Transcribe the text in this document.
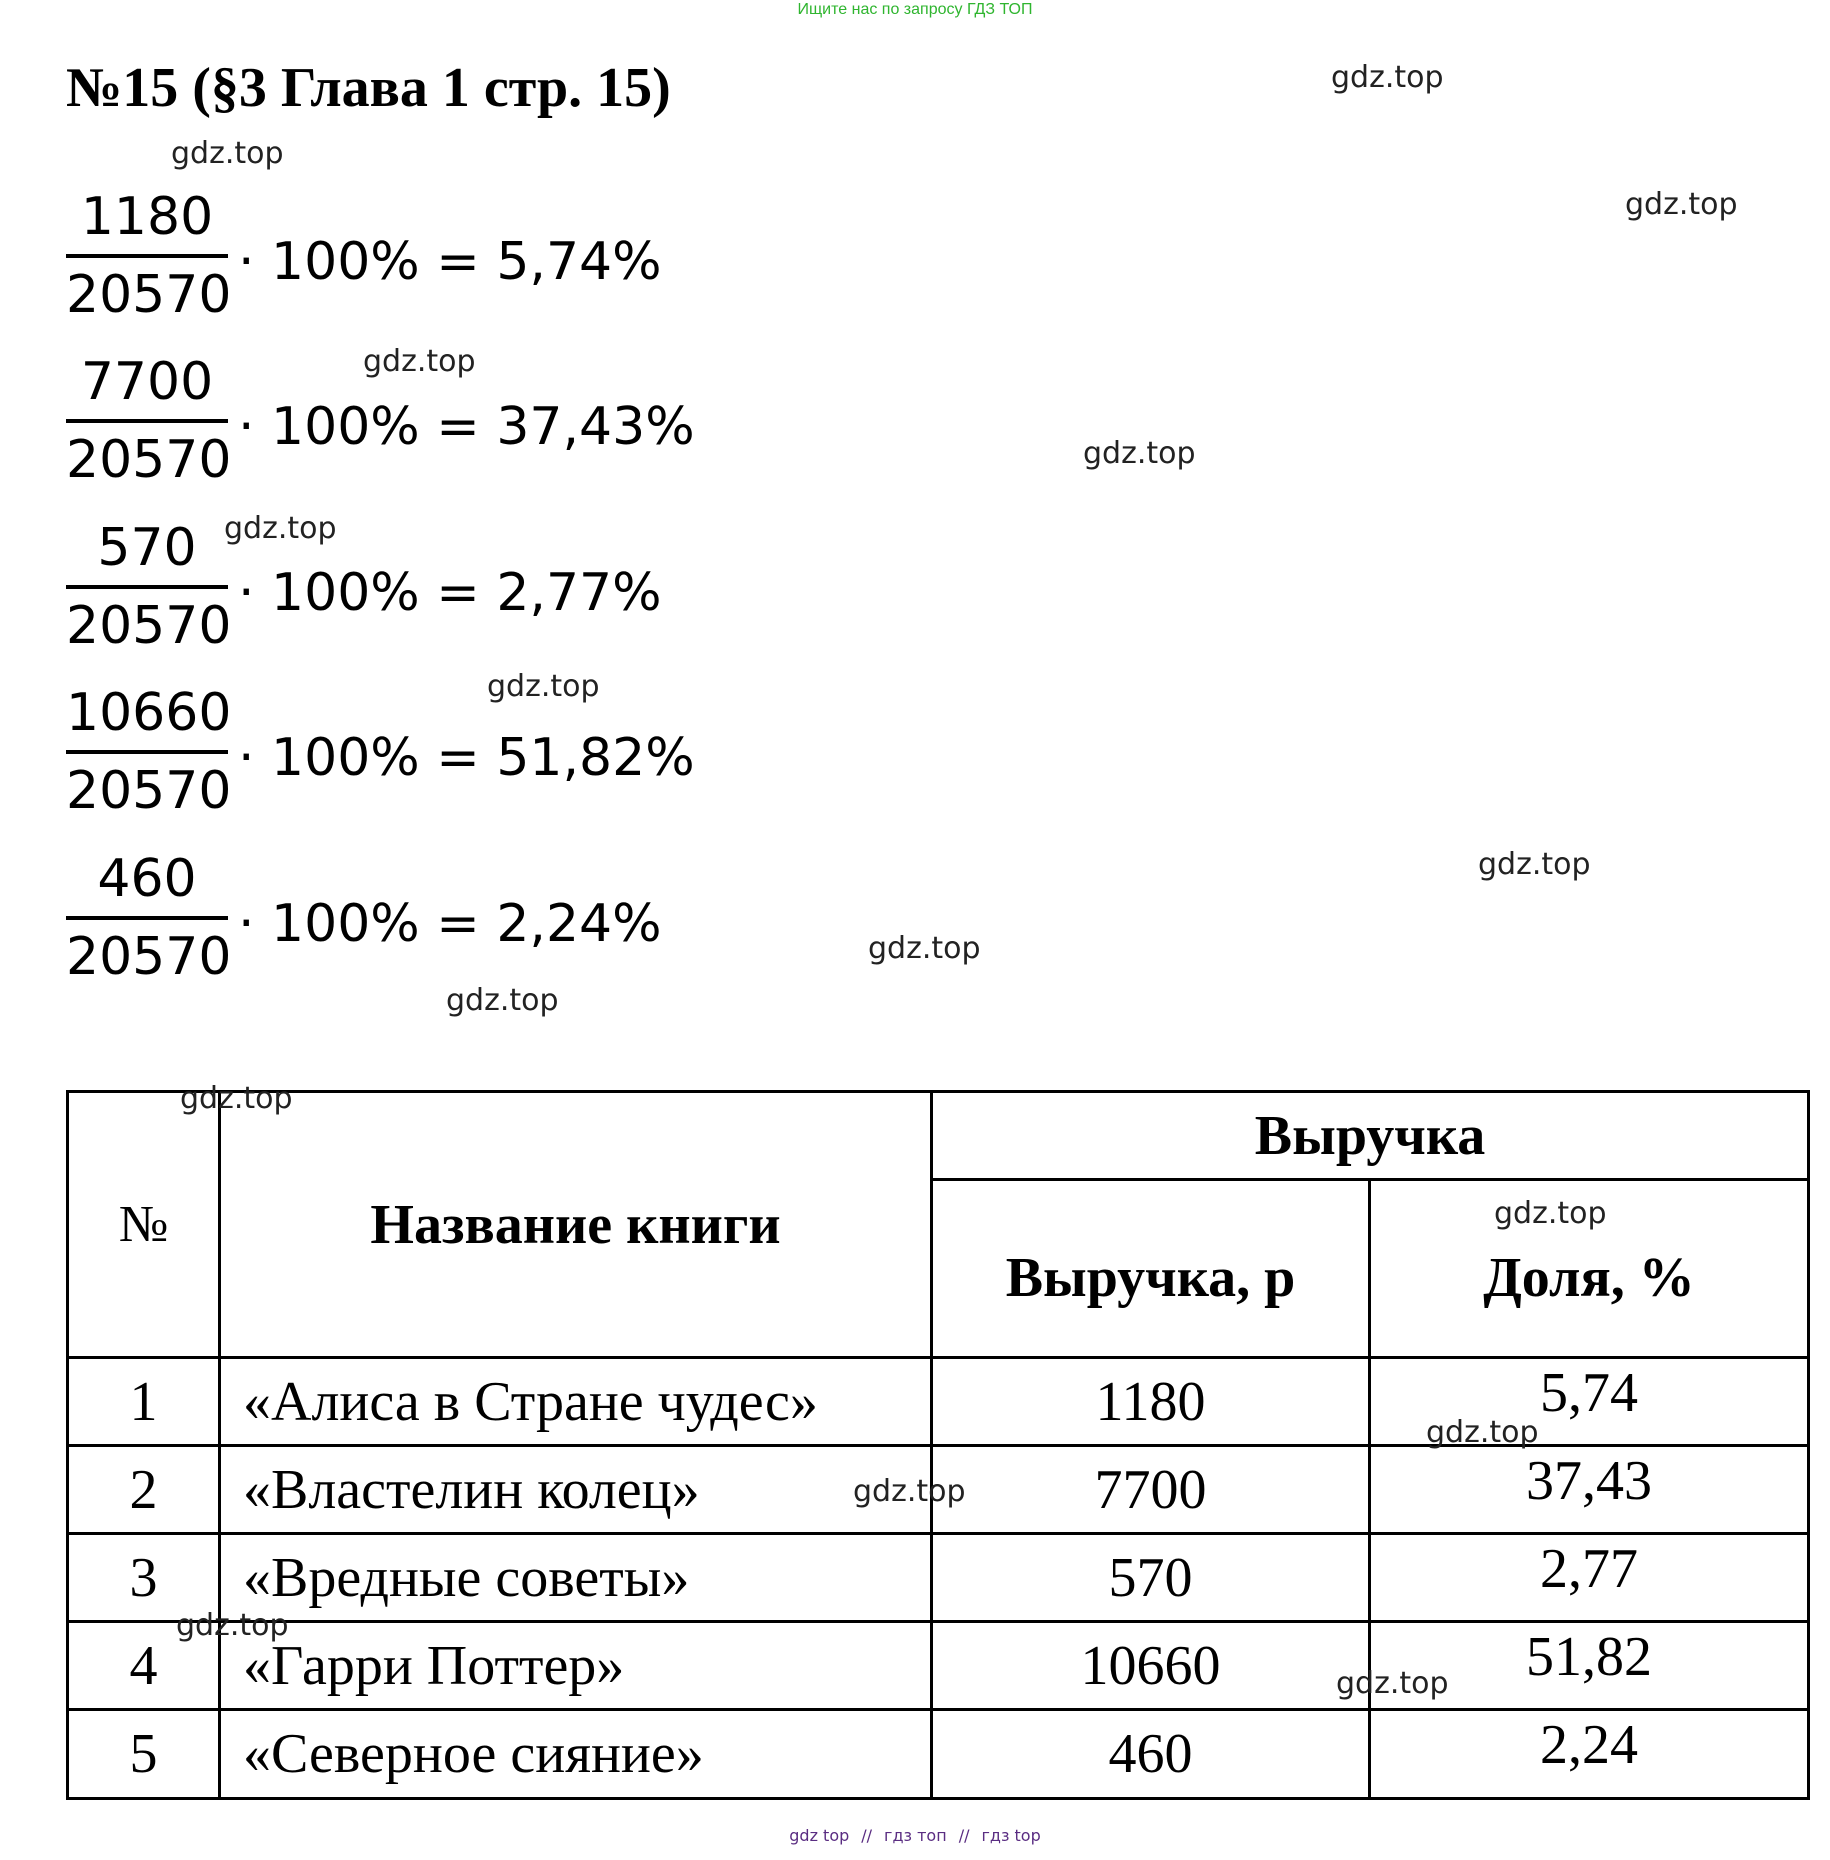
Ищите нас по запросу ГДЗ ТОП
№15 (§3 Глава 1 стр. 15)
1180
20570
· 100% = 5,74%
7700
20570
· 100% = 37,43%
570
20570
· 100% = 2,77%
10660
20570
· 100% = 51,82%
460
20570
· 100% = 2,24%
№	Название книги
Выручка
Выручка, р	Доля, %
1	«Алиса в Стране чудес»	1180	5,74
2	«Властелин колец»	7700	37,43
3	«Вредные советы»	570	2,77
4	«Гарри Поттер»	10660	51,82
5	«Северное сияние»	460	2,24
gdz.top
gdz.top
gdz.top
gdz.top
gdz.top
gdz.top
gdz.top
gdz.top
gdz.top
gdz.top
gdz.top
gdz.top
gdz.top
gdz.top
gdz.top
gdz.top
gdz top // гдз топ // гдз top
